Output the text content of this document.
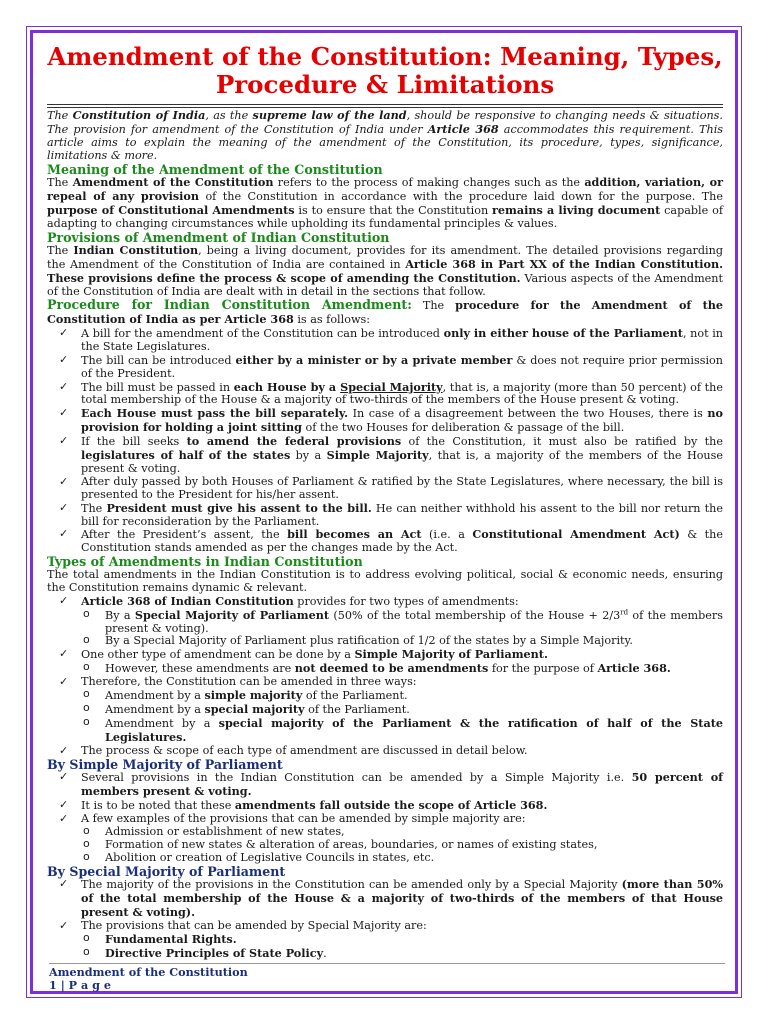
Amendment of the Constitution: Meaning, Types, Procedure & Limitations

The Constitution of India, as the supreme law of the land, should be responsive to changing needs & situations. The provision for amendment of the Constitution of India under Article 368 accommodates this requirement. This article aims to explain the meaning of the amendment of the Constitution, its procedure, types, significance, limitations & more.

Meaning of the Amendment of the Constitution

The Amendment of the Constitution refers to the process of making changes such as the addition, variation, or repeal of any provision of the Constitution in accordance with the procedure laid down for the purpose. The purpose of Constitutional Amendments is to ensure that the Constitution remains a living document capable of adapting to changing circumstances while upholding its fundamental principles & values.

Provisions of Amendment of Indian Constitution

The Indian Constitution, being a living document, provides for its amendment. The detailed provisions regarding the Amendment of the Constitution of India are contained in Article 368 in Part XX of the Indian Constitution. These provisions define the process & scope of amending the Constitution. Various aspects of the Amendment of the Constitution of India are dealt with in detail in the sections that follow.

Procedure for Indian Constitution Amendment: The procedure for the Amendment of the Constitution of India as per Article 368 is as follows:

✓ A bill for the amendment of the Constitution can be introduced only in either house of the Parliament, not in the State Legislatures.
✓ The bill can be introduced either by a minister or by a private member & does not require prior permission of the President.
✓ The bill must be passed in each House by a Special Majority, that is, a majority (more than 50 percent) of the total membership of the House & a majority of two-thirds of the members of the House present & voting.
✓ Each House must pass the bill separately. In case of a disagreement between the two Houses, there is no provision for holding a joint sitting of the two Houses for deliberation & passage of the bill.
✓ If the bill seeks to amend the federal provisions of the Constitution, it must also be ratified by the legislatures of half of the states by a Simple Majority, that is, a majority of the members of the House present & voting.
✓ After duly passed by both Houses of Parliament & ratified by the State Legislatures, where necessary, the bill is presented to the President for his/her assent.
✓ The President must give his assent to the bill. He can neither withhold his assent to the bill nor return the bill for reconsideration by the Parliament.
✓ After the President’s assent, the bill becomes an Act (i.e. a Constitutional Amendment Act) & the Constitution stands amended as per the changes made by the Act.

Types of Amendments in Indian Constitution

The total amendments in the Indian Constitution is to address evolving political, social & economic needs, ensuring the Constitution remains dynamic & relevant.

✓ Article 368 of Indian Constitution provides for two types of amendments:
o By a Special Majority of Parliament (50% of the total membership of the House + 2/3rd of the members present & voting).
o By a Special Majority of Parliament plus ratification of 1/2 of the states by a Simple Majority.
✓ One other type of amendment can be done by a Simple Majority of Parliament.
o However, these amendments are not deemed to be amendments for the purpose of Article 368.
✓ Therefore, the Constitution can be amended in three ways:
o Amendment by a simple majority of the Parliament.
o Amendment by a special majority of the Parliament.
o Amendment by a special majority of the Parliament & the ratification of half of the State Legislatures.
✓ The process & scope of each type of amendment are discussed in detail below.

By Simple Majority of Parliament

✓ Several provisions in the Indian Constitution can be amended by a Simple Majority i.e. 50 percent of members present & voting.
✓ It is to be noted that these amendments fall outside the scope of Article 368.
✓ A few examples of the provisions that can be amended by simple majority are:
o Admission or establishment of new states,
o Formation of new states & alteration of areas, boundaries, or names of existing states,
o Abolition or creation of Legislative Councils in states, etc.

By Special Majority of Parliament

✓ The majority of the provisions in the Constitution can be amended only by a Special Majority (more than 50% of the total membership of the House & a majority of two-thirds of the members of that House present & voting).
✓ The provisions that can be amended by Special Majority are:
o Fundamental Rights.
o Directive Principles of State Policy.

Amendment of the Constitution

1 | P a g e
